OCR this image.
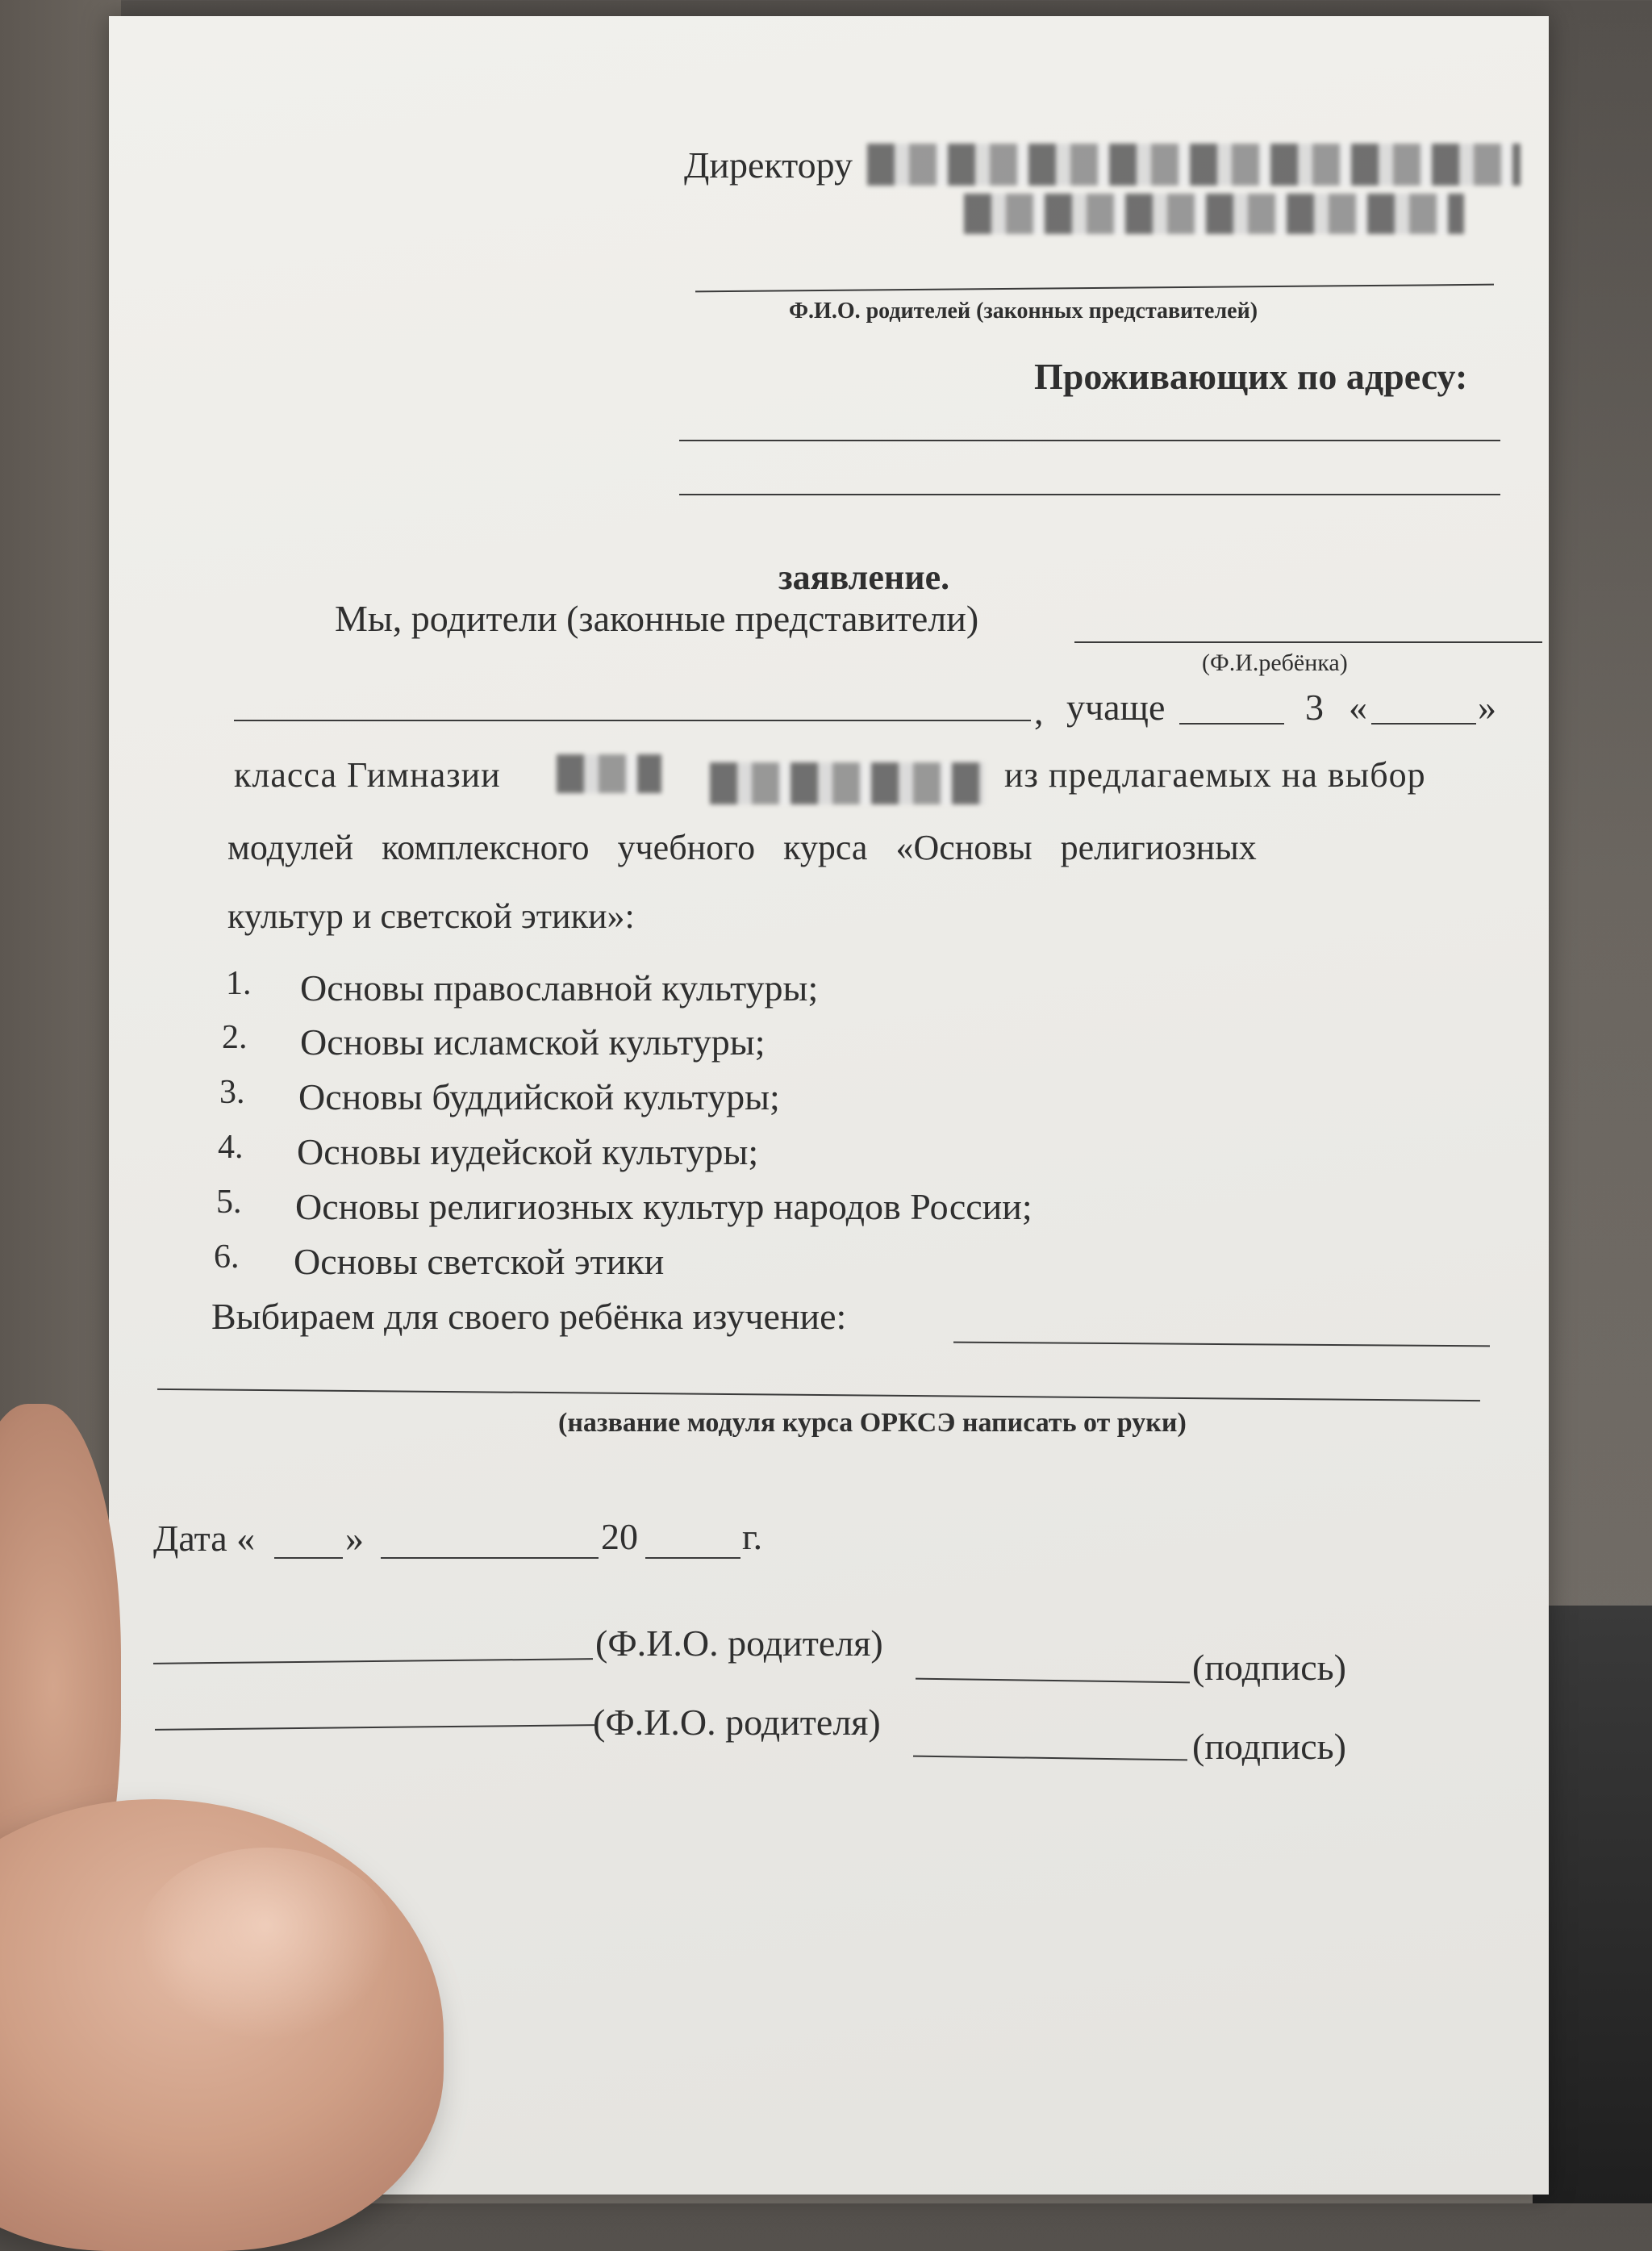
Директору
Ф.И.О. родителей (законных представителей)
Проживающих по адресу:
заявление.
Мы, родители (законные представители)
(Ф.И.ребёнка)
, учаще	3 «	»
класса Гимназии	из предлагаемых на выбор
модулей комплексного учебного курса «Основы религиозных
культур и светской этики»:
1. Основы православной культуры;
2. Основы исламской культуры;
3. Основы буддийской культуры;
4. Основы иудейской культуры;
5. Основы религиозных культур народов России;
6. Основы светской этики
Выбираем для своего ребёнка изучение:
(название модуля курса ОРКСЭ написать от руки)
Дата « »	20	г.
(Ф.И.О. родителя)
(подпись)
(Ф.И.О. родителя)
(подпись)
